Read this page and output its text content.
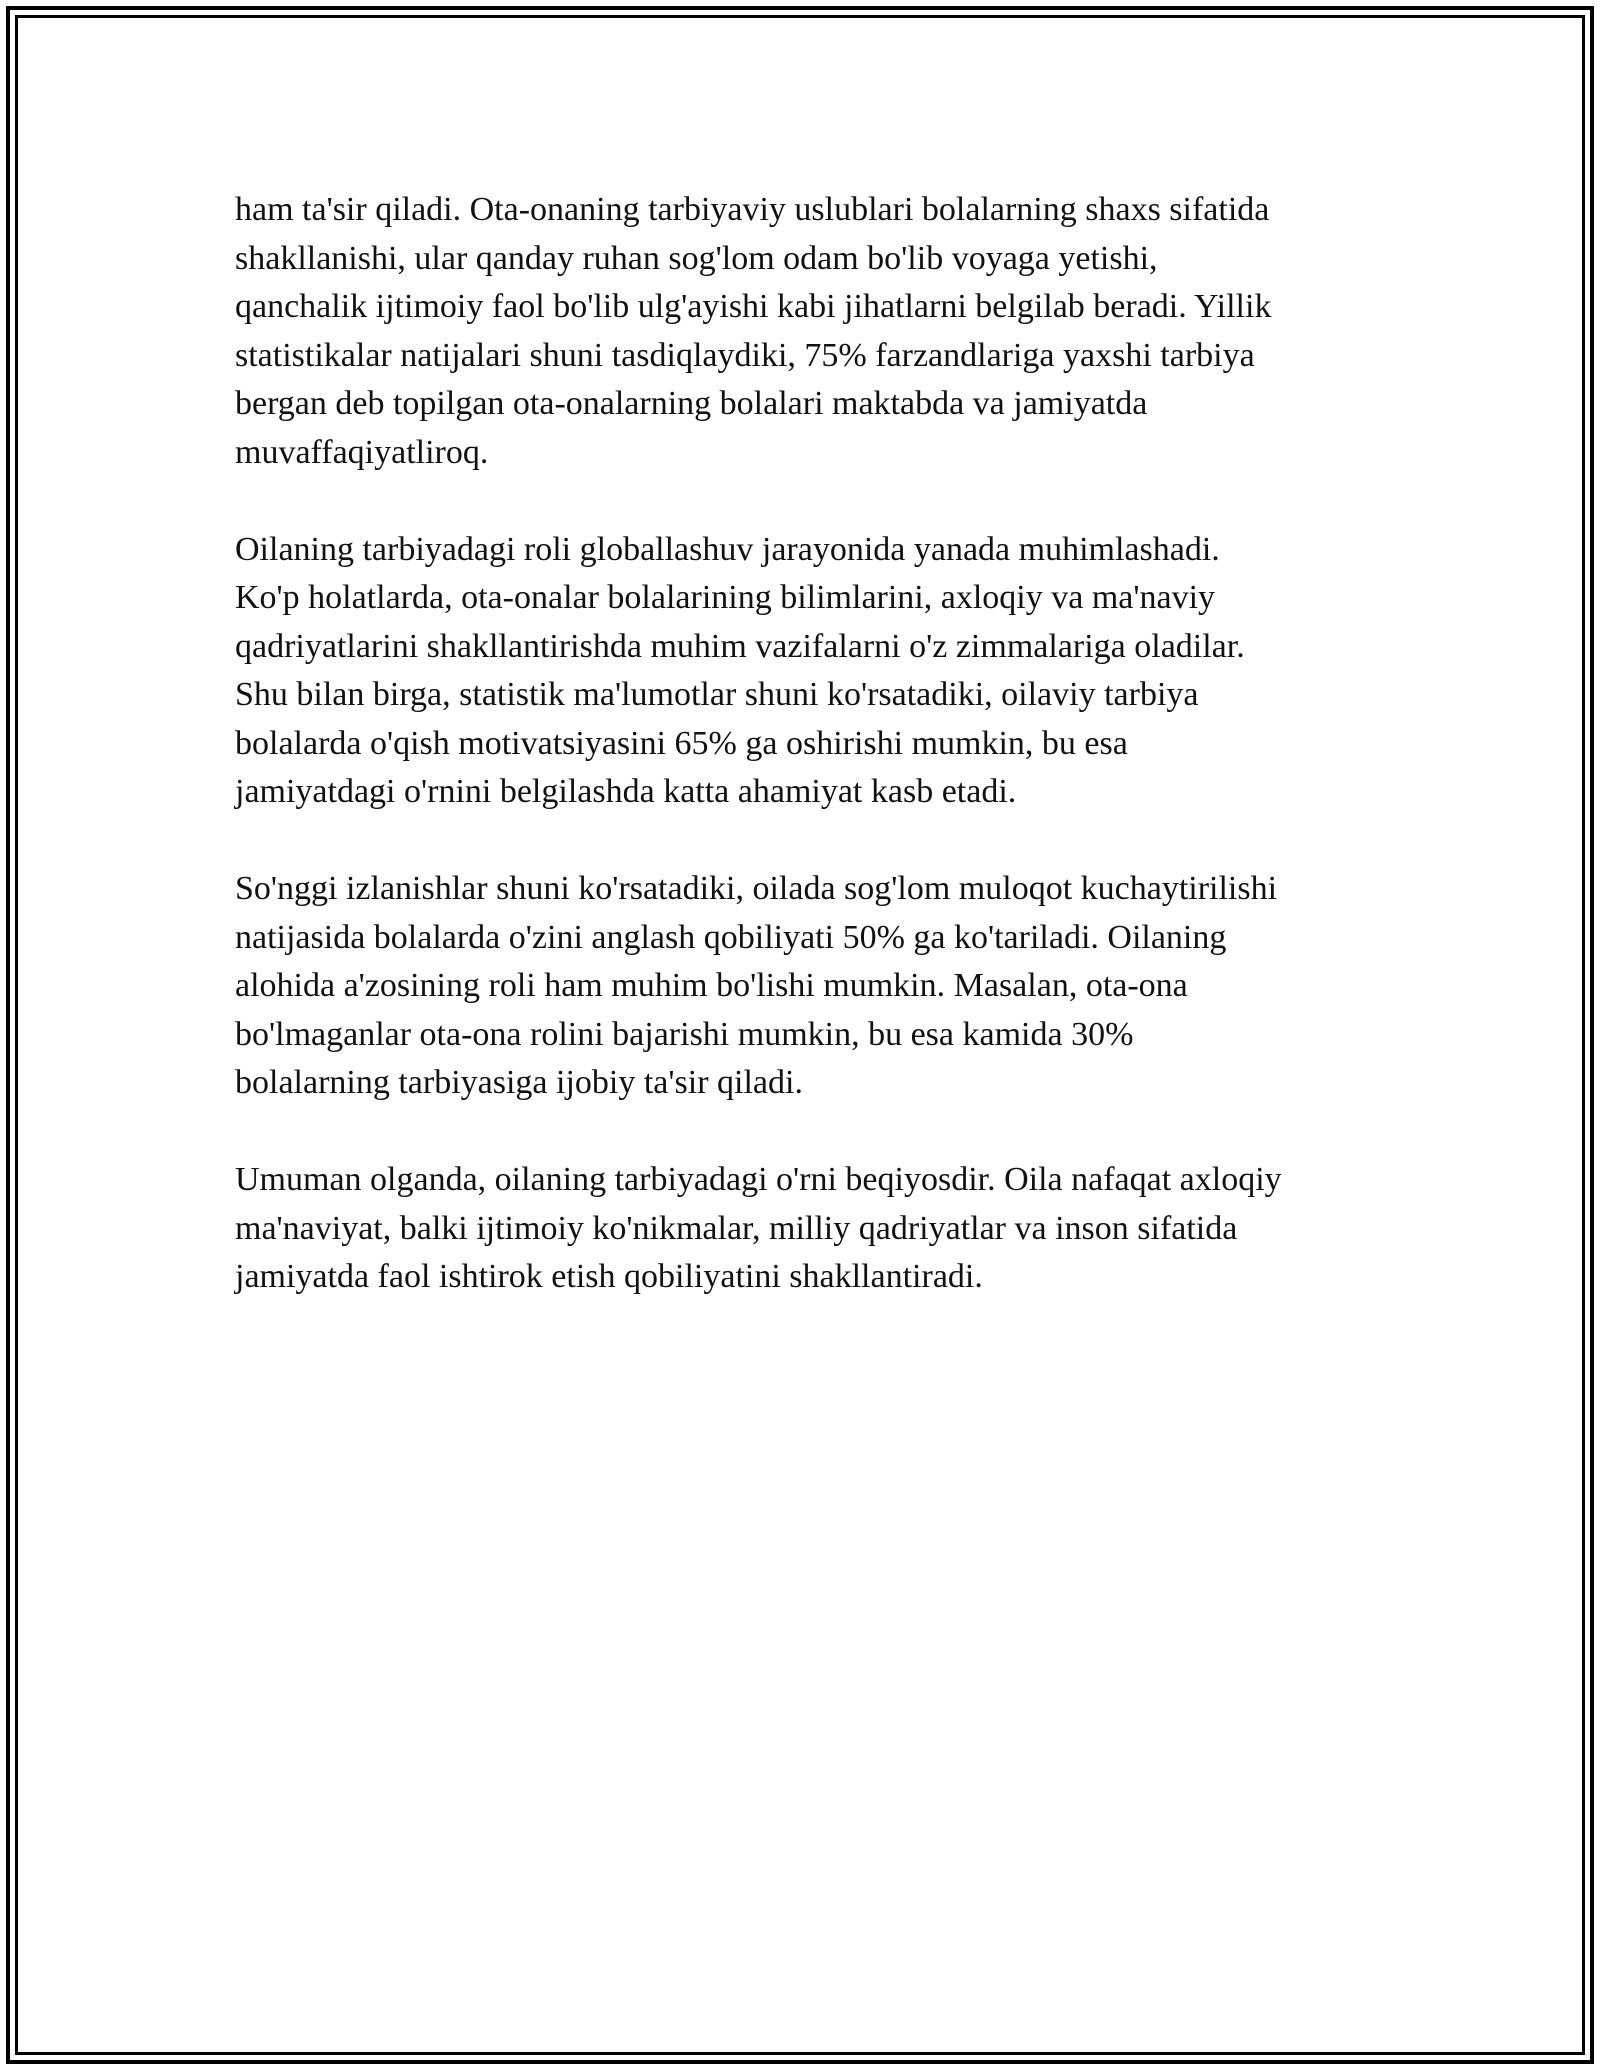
ham ta'sir qiladi. Ota-onaning tarbiyaviy uslublari bolalarning shaxs sifatida
shakllanishi, ular qanday ruhan sog'lom odam bo'lib voyaga yetishi,
qanchalik ijtimoiy faol bo'lib ulg'ayishi kabi jihatlarni belgilab beradi. Yillik
statistikalar natijalari shuni tasdiqlaydiki, 75% farzandlariga yaxshi tarbiya
bergan deb topilgan ota-onalarning bolalari maktabda va jamiyatda
muvaffaqiyatliroq.

Oilaning tarbiyadagi roli globallashuv jarayonida yanada muhimlashadi.
Ko'p holatlarda, ota-onalar bolalarining bilimlarini, axloqiy va ma'naviy
qadriyatlarini shakllantirishda muhim vazifalarni o'z zimmalariga oladilar.
Shu bilan birga, statistik ma'lumotlar shuni ko'rsatadiki, oilaviy tarbiya
bolalarda o'qish motivatsiyasini 65% ga oshirishi mumkin, bu esa
jamiyatdagi o'rnini belgilashda katta ahamiyat kasb etadi.

So'nggi izlanishlar shuni ko'rsatadiki, oilada sog'lom muloqot kuchaytirilishi
natijasida bolalarda o'zini anglash qobiliyati 50% ga ko'tariladi. Oilaning
alohida a'zosining roli ham muhim bo'lishi mumkin. Masalan, ota-ona
bo'lmaganlar ota-ona rolini bajarishi mumkin, bu esa kamida 30%
bolalarning tarbiyasiga ijobiy ta'sir qiladi.

Umuman olganda, oilaning tarbiyadagi o'rni beqiyosdir. Oila nafaqat axloqiy
ma'naviyat, balki ijtimoiy ko'nikmalar, milliy qadriyatlar va inson sifatida
jamiyatda faol ishtirok etish qobiliyatini shakllantiradi.
